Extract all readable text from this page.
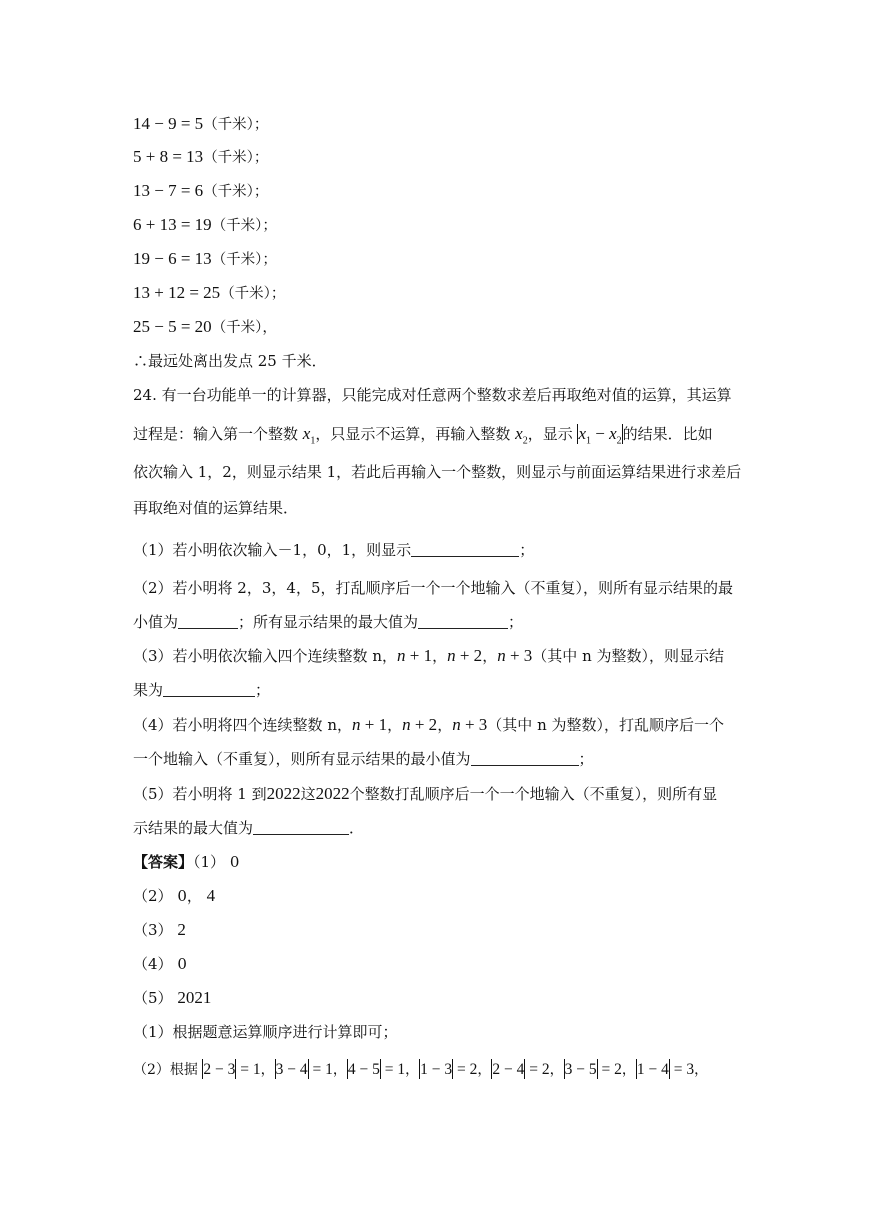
14 − 9 = 5（千米）；
5 + 8 = 13（千米）；
13 − 7 = 6（千米）；
6 + 13 = 19（千米）；
19 − 6 = 13（千米）；
13 + 12 = 25（千米）；
25 − 5 = 20（千米），
∴最远处离出发点 25 千米．
24. 有一台功能单一的计算器，只能完成对任意两个整数求差后再取绝对值的运算，其运算
过程是：输入第一个整数 $x_1$，只显示不运算，再输入整数 $x_2$，显示 $x_1 - x_2$的结果．比如
依次输入 1，2，则显示结果 1，若此后再输入一个整数，则显示与前面运算结果进行求差后
再取绝对值的运算结果．
（1）若小明依次输入－1，0，1，则显示	；
（2）若小明将 2，3，4，5，打乱顺序后一个一个地输入（不重复），则所有显示结果的最
小值为	；所有显示结果的最大值为	；
（3）若小明依次输入四个连续整数 n，n + 1，n + 2，n + 3（其中 n 为整数），则显示结
果为	；
（4）若小明将四个连续整数 n，n + 1，n + 2，n + 3（其中 n 为整数），打乱顺序后一个
一个地输入（不重复），则所有显示结果的最小值为	；
（5）若小明将 1 到2022这2022个整数打乱顺序后一个一个地输入（不重复），则所有显
示结果的最大值为	．
【答案】（1） 0
（2） 0， 4
（3） 2
（4） 0
（5） 2021
（1）根据题意运算顺序进行计算即可；
（2）根据 2 − 3 = 1，3 − 4 = 1，4 − 5 = 1，1 − 3 = 2，2 − 4 = 2，3 − 5 = 2，1 − 4 = 3，
